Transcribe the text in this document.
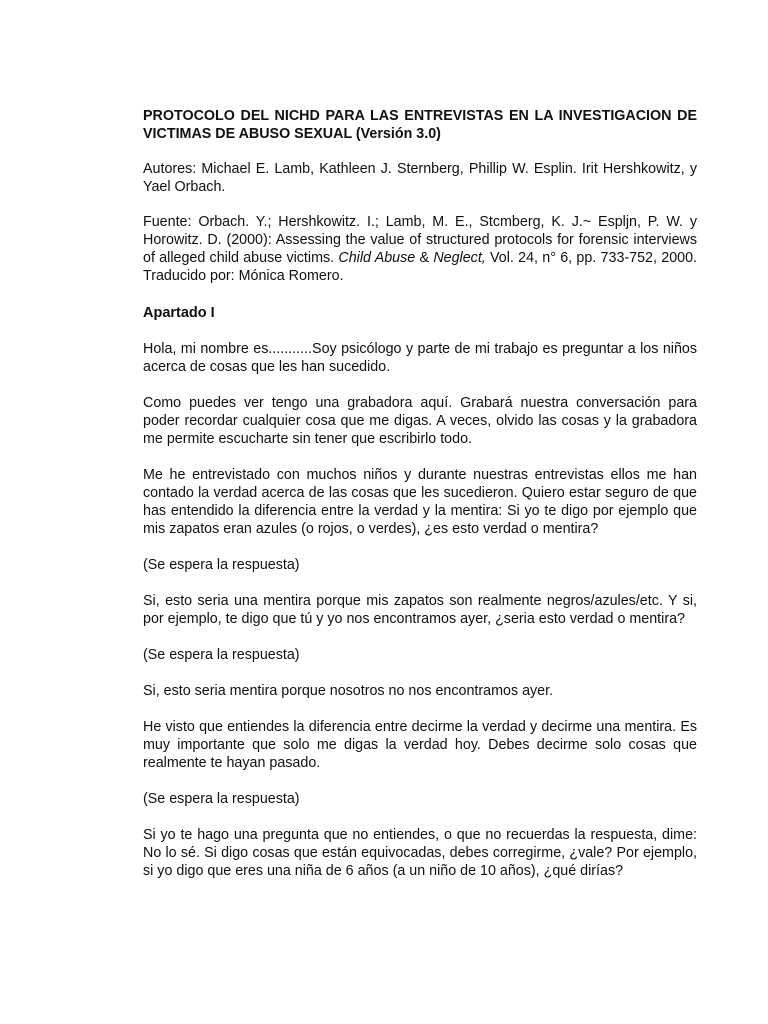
PROTOCOLO DEL NICHD PARA LAS ENTREVISTAS EN LA INVESTIGACION DE VICTIMAS DE ABUSO SEXUAL (Versión 3.0)

Autores: Michael E. Lamb, Kathleen J. Sternberg, Phillip W. Esplin. Irit Hershkowitz, y Yael Orbach.

Fuente: Orbach. Y.; Hershkowitz. I.; Lamb, M. E., Stcmberg, K. J.~ Espljn, P. W. y Horowitz. D. (2000): Assessing the value of structured protocols for forensic interviews of alleged child abuse victims. Child Abuse & Neglect, Vol. 24, n° 6, pp. 733-752, 2000. Traducido por: Mónica Romero.

Apartado I

Hola, mi nombre es...........Soy psicólogo y parte de mi trabajo es preguntar a los niños acerca de cosas que les han sucedido.

Como puedes ver tengo una grabadora aquí. Grabará nuestra conversación para poder recordar cualquier cosa que me digas. A veces, olvido las cosas y la grabadora me permite escucharte sin tener que escribirlo todo.

Me he entrevistado con muchos niños y durante nuestras entrevistas ellos me han contado la verdad acerca de las cosas que les sucedieron. Quiero estar seguro de que has entendido la diferencia entre la verdad y la mentira: Si yo te digo por ejemplo que mis zapatos eran azules (o rojos, o verdes), ¿es esto verdad o mentira?

(Se espera la respuesta)

Si, esto seria una mentira porque mis zapatos son realmente negros/azules/etc. Y si, por ejemplo, te digo que tú y yo nos encontramos ayer, ¿seria esto verdad o mentira?

(Se espera la respuesta)

Si, esto seria mentira porque nosotros no nos encontramos ayer.

He visto que entiendes la diferencia entre decirme la verdad y decirme una mentira. Es muy importante que solo me digas la verdad hoy. Debes decirme solo cosas que realmente te hayan pasado.

(Se espera la respuesta)

Si yo te hago una pregunta que no entiendes, o que no recuerdas la respuesta, dime: No lo sé. Si digo cosas que están equivocadas, debes corregirme, ¿vale? Por ejemplo, si yo digo que eres una niña de 6 años (a un niño de 10 años), ¿qué dirías?
